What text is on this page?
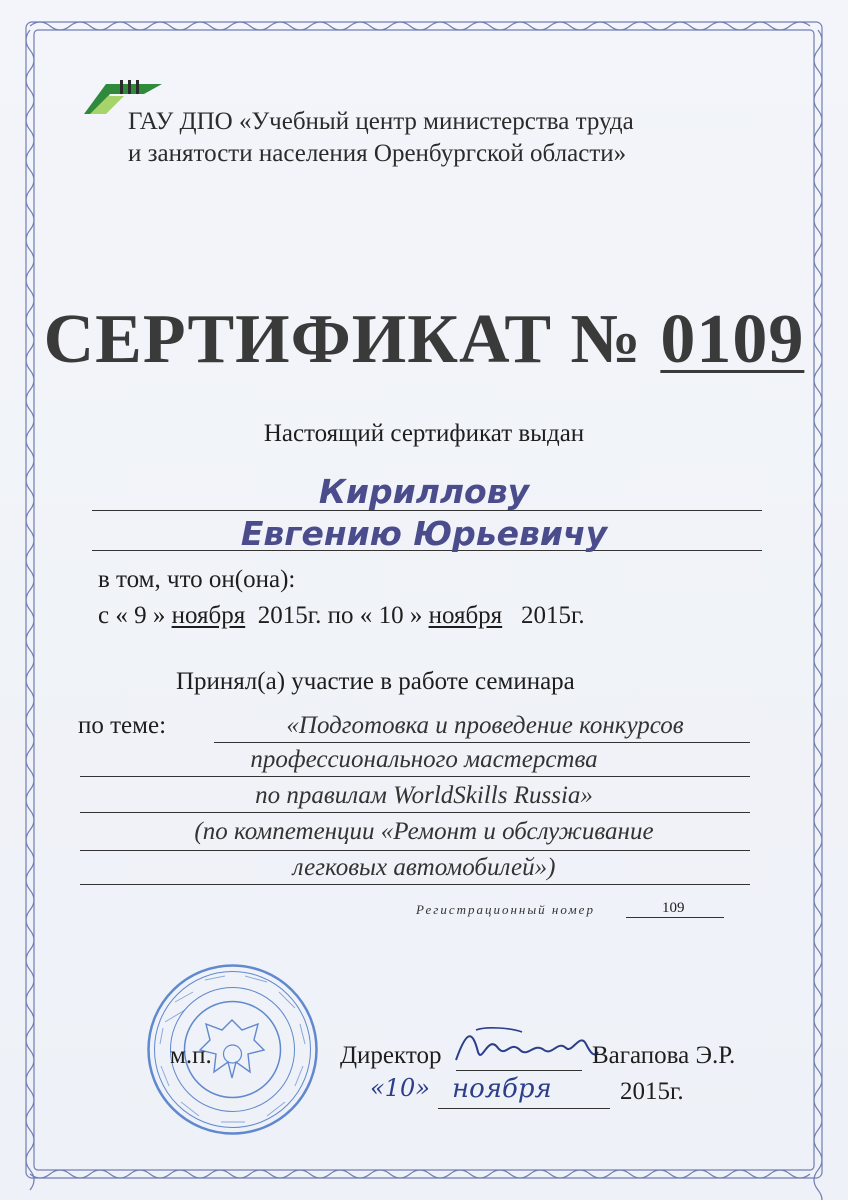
ГАУ ДПО «Учебный центр министерства труда
и занятости населения Оренбургской области»
СЕРТИФИКАТ № 0109
Настоящий сертификат выдан
Кириллову
Евгению Юрьевичу
в том, что он(она):
с « 9 » ноября 2015г. по « 10 » ноября 2015г.
Принял(а) участие в работе семинара
по теме:	«Подготовка и проведение конкурсов
профессионального мастерства
по правилам WorldSkills Russia»
(по компетенции «Ремонт и обслуживание
легковых автомобилей»)
Регистрационный номер	109
м.п.	Директор	Вагапова Э.Р.
«10» ноября	2015г.
